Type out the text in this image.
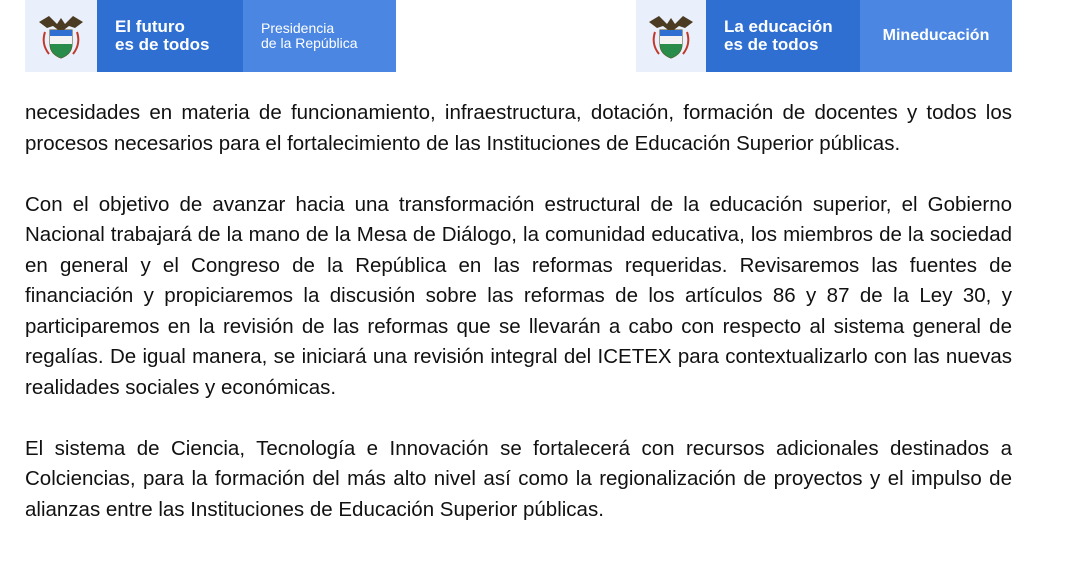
El futuro
es de todos
Presidencia
de la República
La educación
es de todos	Mineducación

necesidades en materia de funcionamiento, infraestructura, dotación, formación de docentes y todos los procesos necesarios para el fortalecimiento de las Instituciones de Educación Superior públicas.

Con el objetivo de avanzar hacia una transformación estructural de la educación superior, el Gobierno Nacional trabajará de la mano de la Mesa de Diálogo, la comunidad educativa, los miembros de la sociedad en general y el Congreso de la República en las reformas requeridas. Revisaremos las fuentes de financiación y propiciaremos la discusión sobre las reformas de los artículos 86 y 87 de la Ley 30, y participaremos en la revisión de las reformas que se llevarán a cabo con respecto al sistema general de regalías. De igual manera, se iniciará una revisión integral del ICETEX para contextualizarlo con las nuevas realidades sociales y económicas.

El sistema de Ciencia, Tecnología e Innovación se fortalecerá con recursos adicionales destinados a Colciencias, para la formación del más alto nivel así como la regionalización de proyectos y el impulso de alianzas entre las Instituciones de Educación Superior públicas.
